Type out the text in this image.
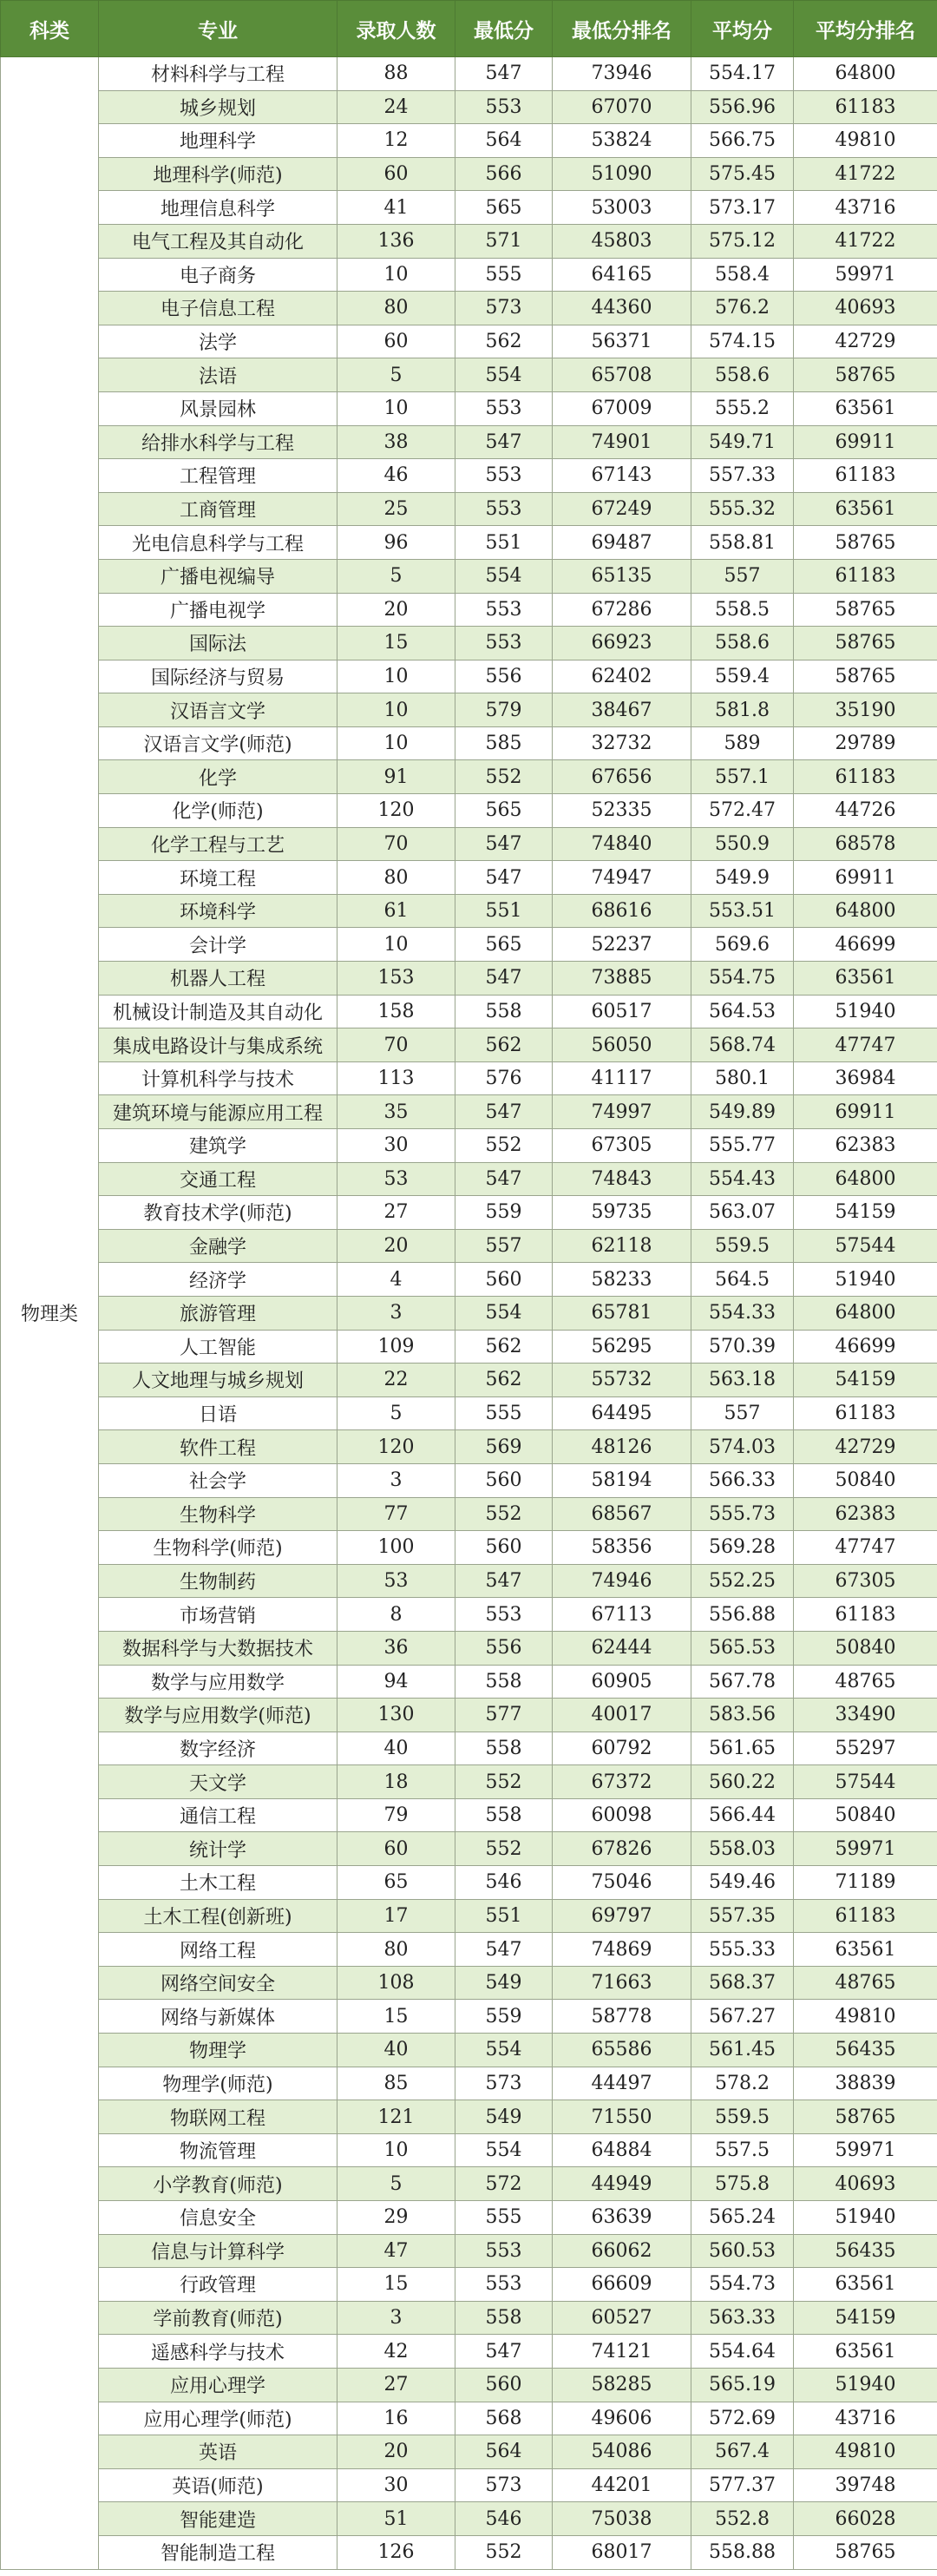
科类	专业	录取人数	最低分	最低分排名	平均分	平均分排名
物理类	材料科学与工程	88	547	73946	554.17	64800
	城乡规划	24	553	67070	556.96	61183
	地理科学	12	564	53824	566.75	49810
	地理科学(师范)	60	566	51090	575.45	41722
	地理信息科学	41	565	53003	573.17	43716
	电气工程及其自动化	136	571	45803	575.12	41722
	电子商务	10	555	64165	558.4	59971
	电子信息工程	80	573	44360	576.2	40693
	法学	60	562	56371	574.15	42729
	法语	5	554	65708	558.6	58765
	风景园林	10	553	67009	555.2	63561
	给排水科学与工程	38	547	74901	549.71	69911
	工程管理	46	553	67143	557.33	61183
	工商管理	25	553	67249	555.32	63561
	光电信息科学与工程	96	551	69487	558.81	58765
	广播电视编导	5	554	65135	557	61183
	广播电视学	20	553	67286	558.5	58765
	国际法	15	553	66923	558.6	58765
	国际经济与贸易	10	556	62402	559.4	58765
	汉语言文学	10	579	38467	581.8	35190
	汉语言文学(师范)	10	585	32732	589	29789
	化学	91	552	67656	557.1	61183
	化学(师范)	120	565	52335	572.47	44726
	化学工程与工艺	70	547	74840	550.9	68578
	环境工程	80	547	74947	549.9	69911
	环境科学	61	551	68616	553.51	64800
	会计学	10	565	52237	569.6	46699
	机器人工程	153	547	73885	554.75	63561
	机械设计制造及其自动化	158	558	60517	564.53	51940
	集成电路设计与集成系统	70	562	56050	568.74	47747
	计算机科学与技术	113	576	41117	580.1	36984
	建筑环境与能源应用工程	35	547	74997	549.89	69911
	建筑学	30	552	67305	555.77	62383
	交通工程	53	547	74843	554.43	64800
	教育技术学(师范)	27	559	59735	563.07	54159
	金融学	20	557	62118	559.5	57544
	经济学	4	560	58233	564.5	51940
	旅游管理	3	554	65781	554.33	64800
	人工智能	109	562	56295	570.39	46699
	人文地理与城乡规划	22	562	55732	563.18	54159
	日语	5	555	64495	557	61183
	软件工程	120	569	48126	574.03	42729
	社会学	3	560	58194	566.33	50840
	生物科学	77	552	68567	555.73	62383
	生物科学(师范)	100	560	58356	569.28	47747
	生物制药	53	547	74946	552.25	67305
	市场营销	8	553	67113	556.88	61183
	数据科学与大数据技术	36	556	62444	565.53	50840
	数学与应用数学	94	558	60905	567.78	48765
	数学与应用数学(师范)	130	577	40017	583.56	33490
	数字经济	40	558	60792	561.65	55297
	天文学	18	552	67372	560.22	57544
	通信工程	79	558	60098	566.44	50840
	统计学	60	552	67826	558.03	59971
	土木工程	65	546	75046	549.46	71189
	土木工程(创新班)	17	551	69797	557.35	61183
	网络工程	80	547	74869	555.33	63561
	网络空间安全	108	549	71663	568.37	48765
	网络与新媒体	15	559	58778	567.27	49810
	物理学	40	554	65586	561.45	56435
	物理学(师范)	85	573	44497	578.2	38839
	物联网工程	121	549	71550	559.5	58765
	物流管理	10	554	64884	557.5	59971
	小学教育(师范)	5	572	44949	575.8	40693
	信息安全	29	555	63639	565.24	51940
	信息与计算科学	47	553	66062	560.53	56435
	行政管理	15	553	66609	554.73	63561
	学前教育(师范)	3	558	60527	563.33	54159
	遥感科学与技术	42	547	74121	554.64	63561
	应用心理学	27	560	58285	565.19	51940
	应用心理学(师范)	16	568	49606	572.69	43716
	英语	20	564	54086	567.4	49810
	英语(师范)	30	573	44201	577.37	39748
	智能建造	51	546	75038	552.8	66028
	智能制造工程	126	552	68017	558.88	58765
